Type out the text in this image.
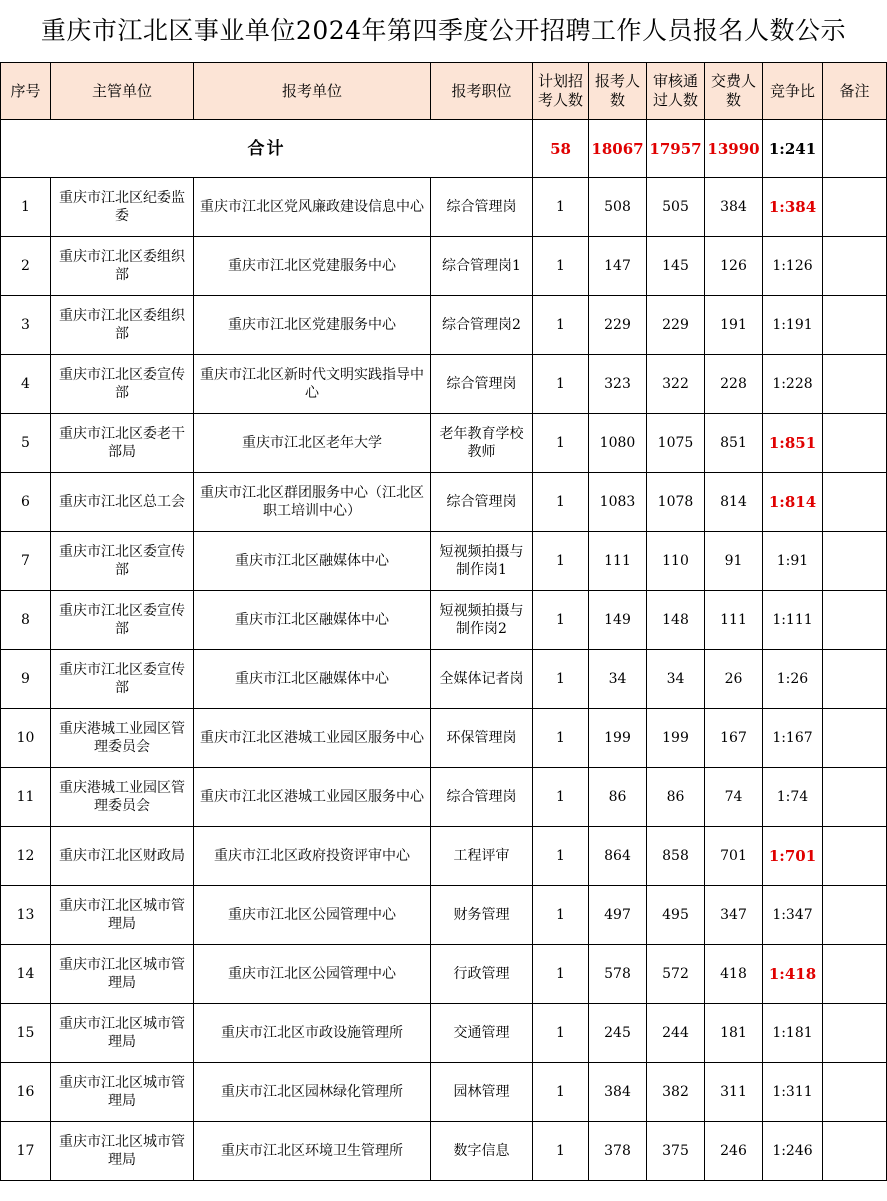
重庆市江北区事业单位2024年第四季度公开招聘工作人员报名人数公示
序号	主管单位	报考单位	报考职位	计划招考人数	报考人数	审核通过人数	交费人数	竞争比	备注
合计				58	18067	17957	13990	1:241	
1	重庆市江北区纪委监委	重庆市江北区党风廉政建设信息中心	综合管理岗	1	508	505	384	1:384	
2	重庆市江北区委组织部	重庆市江北区党建服务中心	综合管理岗1	1	147	145	126	1:126	
3	重庆市江北区委组织部	重庆市江北区党建服务中心	综合管理岗2	1	229	229	191	1:191	
4	重庆市江北区委宣传部	重庆市江北区新时代文明实践指导中心	综合管理岗	1	323	322	228	1:228	
5	重庆市江北区委老干部局	重庆市江北区老年大学	老年教育学校教师	1	1080	1075	851	1:851	
6	重庆市江北区总工会	重庆市江北区群团服务中心（江北区职工培训中心）	综合管理岗	1	1083	1078	814	1:814	
7	重庆市江北区委宣传部	重庆市江北区融媒体中心	短视频拍摄与制作岗1	1	111	110	91	1:91	
8	重庆市江北区委宣传部	重庆市江北区融媒体中心	短视频拍摄与制作岗2	1	149	148	111	1:111	
9	重庆市江北区委宣传部	重庆市江北区融媒体中心	全媒体记者岗	1	34	34	26	1:26	
10	重庆港城工业园区管理委员会	重庆市江北区港城工业园区服务中心	环保管理岗	1	199	199	167	1:167	
11	重庆港城工业园区管理委员会	重庆市江北区港城工业园区服务中心	综合管理岗	1	86	86	74	1:74	
12	重庆市江北区财政局	重庆市江北区政府投资评审中心	工程评审	1	864	858	701	1:701	
13	重庆市江北区城市管理局	重庆市江北区公园管理中心	财务管理	1	497	495	347	1:347	
14	重庆市江北区城市管理局	重庆市江北区公园管理中心	行政管理	1	578	572	418	1:418	
15	重庆市江北区城市管理局	重庆市江北区市政设施管理所	交通管理	1	245	244	181	1:181	
16	重庆市江北区城市管理局	重庆市江北区园林绿化管理所	园林管理	1	384	382	311	1:311	
17	重庆市江北区城市管理局	重庆市江北区环境卫生管理所	数字信息	1	378	375	246	1:246	
